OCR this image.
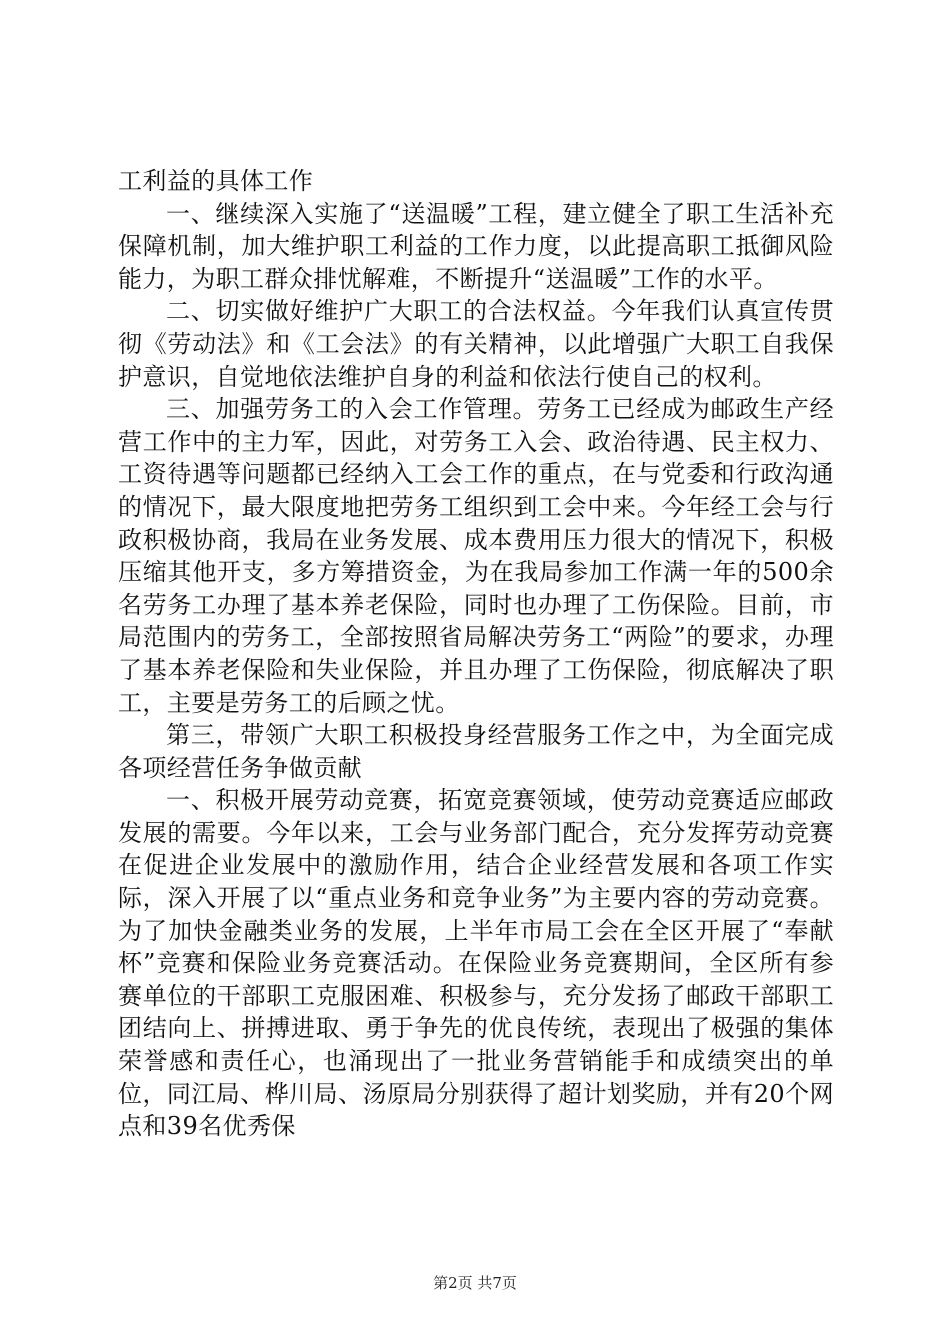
工利益的具体工作

一、继续深入实施了“送温暖”工程，建立健全了职工生活补充保障机制，加大维护职工利益的工作力度，以此提高职工抵御风险能力，为职工群众排忧解难，不断提升“送温暖”工作的水平。

二、切实做好维护广大职工的合法权益。今年我们认真宣传贯彻《劳动法》和《工会法》的有关精神，以此增强广大职工自我保护意识，自觉地依法维护自身的利益和依法行使自己的权利。

三、加强劳务工的入会工作管理。劳务工已经成为邮政生产经营工作中的主力军，因此，对劳务工入会、政治待遇、民主权力、工资待遇等问题都已经纳入工会工作的重点，在与党委和行政沟通的情况下，最大限度地把劳务工组织到工会中来。今年经工会与行政积极协商，我局在业务发展、成本费用压力很大的情况下，积极压缩其他开支，多方筹措资金，为在我局参加工作满一年的500余名劳务工办理了基本养老保险，同时也办理了工伤保险。目前，市局范围内的劳务工，全部按照省局解决劳务工“两险”的要求，办理了基本养老保险和失业保险，并且办理了工伤保险，彻底解决了职工，主要是劳务工的后顾之忧。

第三，带领广大职工积极投身经营服务工作之中，为全面完成各项经营任务争做贡献

一、积极开展劳动竞赛，拓宽竞赛领域，使劳动竞赛适应邮政发展的需要。今年以来，工会与业务部门配合，充分发挥劳动竞赛在促进企业发展中的激励作用，结合企业经营发展和各项工作实际，深入开展了以“重点业务和竞争业务”为主要内容的劳动竞赛。为了加快金融类业务的发展，上半年市局工会在全区开展了“奉献杯”竞赛和保险业务竞赛活动。在保险业务竞赛期间，全区所有参赛单位的干部职工克服困难、积极参与，充分发扬了邮政干部职工团结向上、拼搏进取、勇于争先的优良传统，表现出了极强的集体荣誉感和责任心，也涌现出了一批业务营销能手和成绩突出的单位，同江局、桦川局、汤原局分别获得了超计划奖励，并有20个网点和39名优秀保

第2页 共7页
